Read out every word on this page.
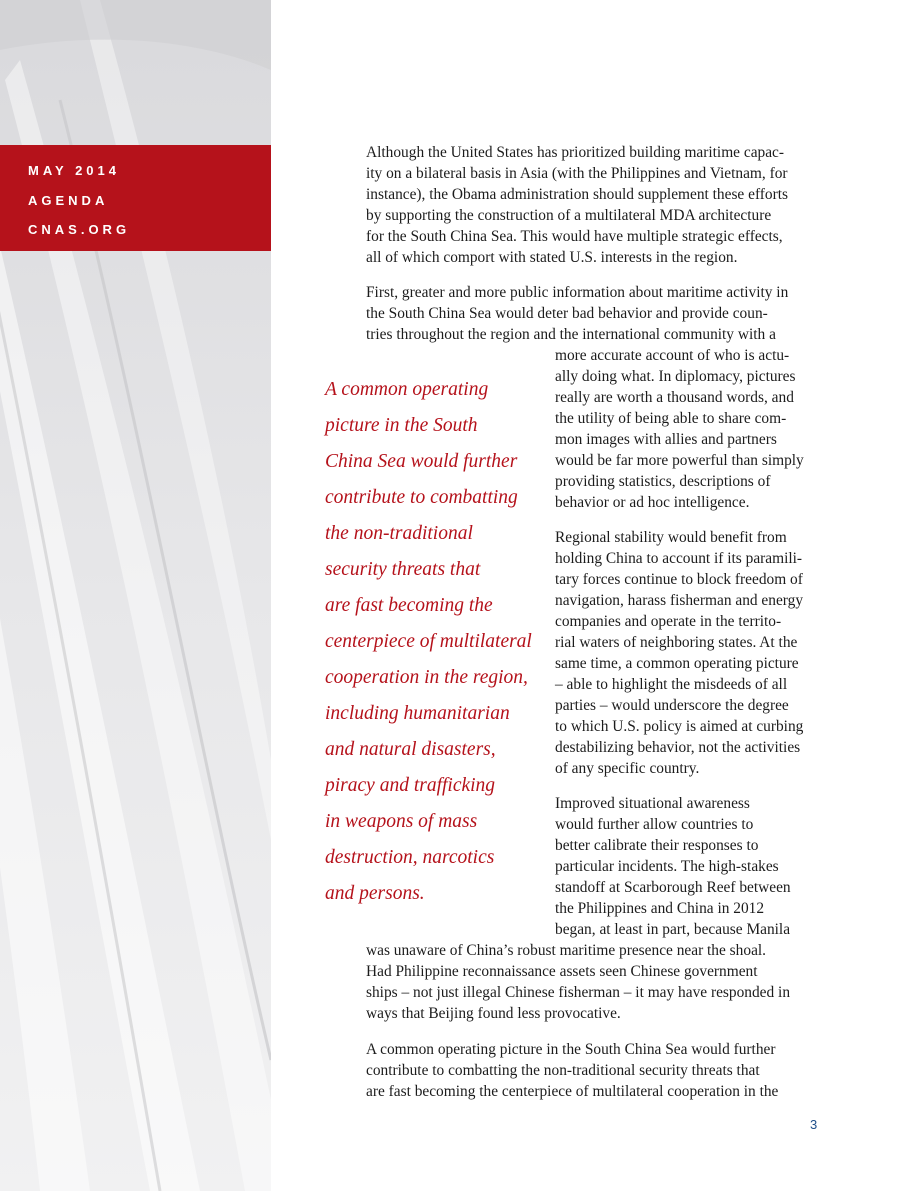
MAY 2014
AGENDA
CNAS.ORG
Although the United States has prioritized building maritime capac-
ity on a bilateral basis in Asia (with the Philippines and Vietnam, for
instance), the Obama administration should supplement these efforts
by supporting the construction of a multilateral MDA architecture
for the South China Sea. This would have multiple strategic effects,
all of which comport with stated U.S. interests in the region.
First, greater and more public information about maritime activity in
the South China Sea would deter bad behavior and provide coun-
tries throughout the region and the international community with a
more accurate account of who is actu-
ally doing what. In diplomacy, pictures
really are worth a thousand words, and
the utility of being able to share com-
mon images with allies and partners
would be far more powerful than simply
providing statistics, descriptions of
behavior or ad hoc intelligence.
Regional stability would benefit from
holding China to account if its paramili-
tary forces continue to block freedom of
navigation, harass fisherman and energy
companies and operate in the territo-
rial waters of neighboring states. At the
same time, a common operating picture
– able to highlight the misdeeds of all
parties – would underscore the degree
to which U.S. policy is aimed at curbing
destabilizing behavior, not the activities
of any specific country.
Improved situational awareness
would further allow countries to
better calibrate their responses to
particular incidents. The high-stakes
standoff at Scarborough Reef between
the Philippines and China in 2012
began, at least in part, because Manila
was unaware of China’s robust maritime presence near the shoal.
Had Philippine reconnaissance assets seen Chinese government
ships – not just illegal Chinese fisherman – it may have responded in
ways that Beijing found less provocative.
A common operating picture in the South China Sea would further
contribute to combatting the non-traditional security threats that
are fast becoming the centerpiece of multilateral cooperation in the
A common operating
picture in the South
China Sea would further
contribute to combatting
the non-traditional
security threats that
are fast becoming the
centerpiece of multilateral
cooperation in the region,
including humanitarian
and natural disasters,
piracy and trafficking
in weapons of mass
destruction, narcotics
and persons.
3
